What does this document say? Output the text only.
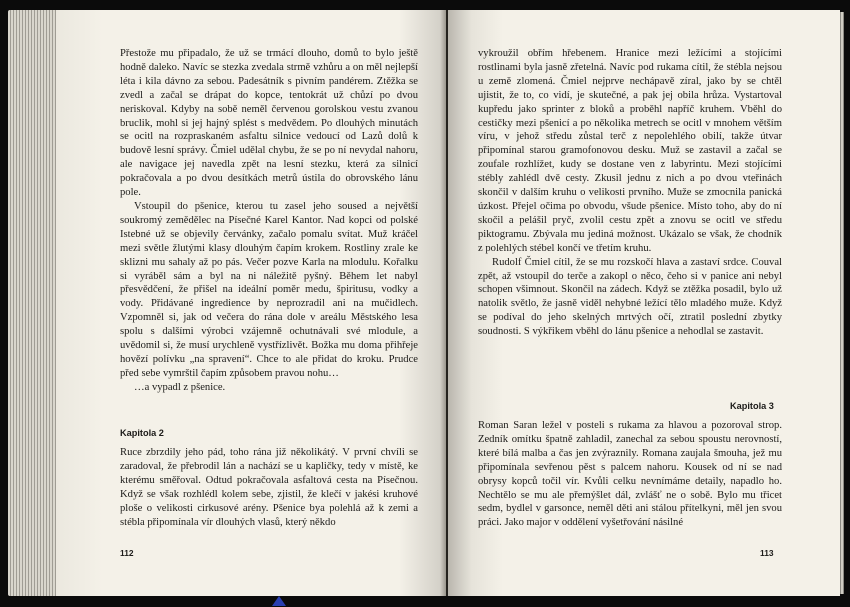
Přestože mu připadalo, že už se trmácí dlouho, domů to bylo ještě hodně daleko. Navíc se stezka zvedala strmě vzhůru a on měl nejlepší léta i kila dávno za sebou. Padesátník s pivním pandérem. Ztěžka se zvedl a začal se drápat do kopce, tentokrát už chůzí po dvou neriskoval. Kdyby na sobě neměl červenou gorolskou vestu zvanou bruclik, mohl si jej hajný splést s medvědem. Po dlouhých minutách se ocitl na rozpraskaném asfaltu silnice vedoucí od Lazů dolů k budově lesní správy. Čmiel udělal chybu, že se po ní nevydal nahoru, ale navigace jej navedla zpět na lesní stezku, která za silnicí pokračovala a po dvou desítkách metrů ústila do obrovského lánu pole.

Vstoupil do pšenice, kterou tu zasel jeho soused a největší soukromý zemědělec na Písečné Karel Kantor. Nad kopci od polské Istebné už se objevily červánky, začalo pomalu svítat. Muž kráčel mezi světle žlutými klasy dlouhým čapím krokem. Rostliny zrale ke sklizni mu sahaly až po pás. Večer pozve Karla na mlodulu. Kořalku si vyráběl sám a byl na ni náležitě pyšný. Během let nabyl přesvědčení, že přišel na ideální poměr medu, špiritusu, vodky a vody. Přidávané ingredience by neprozradil ani na mučidlech. Vzpomněl si, jak od večera do rána dole v areálu Městského lesa spolu s dalšími výrobci vzájemně ochutnávali své mlodule, a uvědomil si, že musí urychleně vystřízlivět. Božka mu doma přihřeje hovězí polívku „na spravení“. Chce to ale přidat do kroku. Prudce před sebe vymrštil čapím způsobem pravou nohu…

…a vypadl z pšenice.

Kapitola 2

Ruce zbrzdily jeho pád, toho rána již několikátý. V první chvíli se zaradoval, že přebrodil lán a nachází se u kapličky, tedy v místě, ke kterému směřoval. Odtud pokračovala asfaltová cesta na Písečnou. Když se však rozhlédl kolem sebe, zjistil, že klečí v jakési kruhové ploše o velikosti cirkusové arény. Pšenice bya polehlá až k zemi a stébla připomínala vír dlouhých vlasů, který někdo

112

vykroužil obřím hřebenem. Hranice mezi ležícími a stojícími rostlinami byla jasně zřetelná. Navíc pod rukama cítil, že stébla nejsou u země zlomená. Čmiel nejprve nechápavě zíral, jako by se chtěl ujistit, že to, co vidí, je skutečné, a pak jej obila hrůza. Vystartoval kupředu jako sprinter z bloků a proběhl napříč kruhem. Vběhl do cestičky mezi pšenicí a po několika metrech se ocitl v mnohem větším víru, v jehož středu zůstal terč z nepolehlého obilí, takže útvar připomínal starou gramofonovou desku. Muž se zastavil a začal se zoufale rozhlížet, kudy se dostane ven z labyrintu. Mezi stojícími stébly zahlédl dvě cesty. Zkusil jednu z nich a po dvou vteřinách skončil v dalším kruhu o velikosti prvního. Muže se zmocnila panická úzkost. Přejel očima po obvodu, všude pšenice. Místo toho, aby do ní skočil a pelášil pryč, zvolil cestu zpět a znovu se ocitl ve středu piktogramu. Zbývala mu jediná možnost. Ukázalo se však, že chodník z polehlých stébel končí ve třetím kruhu.

Rudolf Čmiel cítil, že se mu rozskočí hlava a zastaví srdce. Couval zpět, až vstoupil do terče a zakopl o něco, čeho si v panice ani nebyl schopen všimnout. Skončil na zádech. Když se ztěžka posadil, bylo už natolik světlo, že jasně viděl nehybné ležící tělo mladého muže. Když se podíval do jeho skelných mrtvých očí, ztratil poslední zbytky soudnosti. S výkřikem vběhl do lánu pšenice a nehodlal se zastavit.

Kapitola 3

Roman Saran ležel v posteli s rukama za hlavou a pozoroval strop. Zedník omítku špatně zahladil, zanechal za sebou spoustu nerovností, které bílá malba a čas jen zvýraznily. Romana zaujala šmouha, jež mu připomínala sevřenou pěst s palcem nahoru. Kousek od ní se nad obrysy kopců točil vír. Kvůli celku nevnímáme detaily, napadlo ho. Nechtělo se mu ale přemýšlet dál, zvlášť ne o sobě. Bylo mu třicet sedm, bydlel v garsonce, neměl děti ani stálou přítelkyni, měl jen svou práci. Jako major v oddělení vyšetřování násilné

113
